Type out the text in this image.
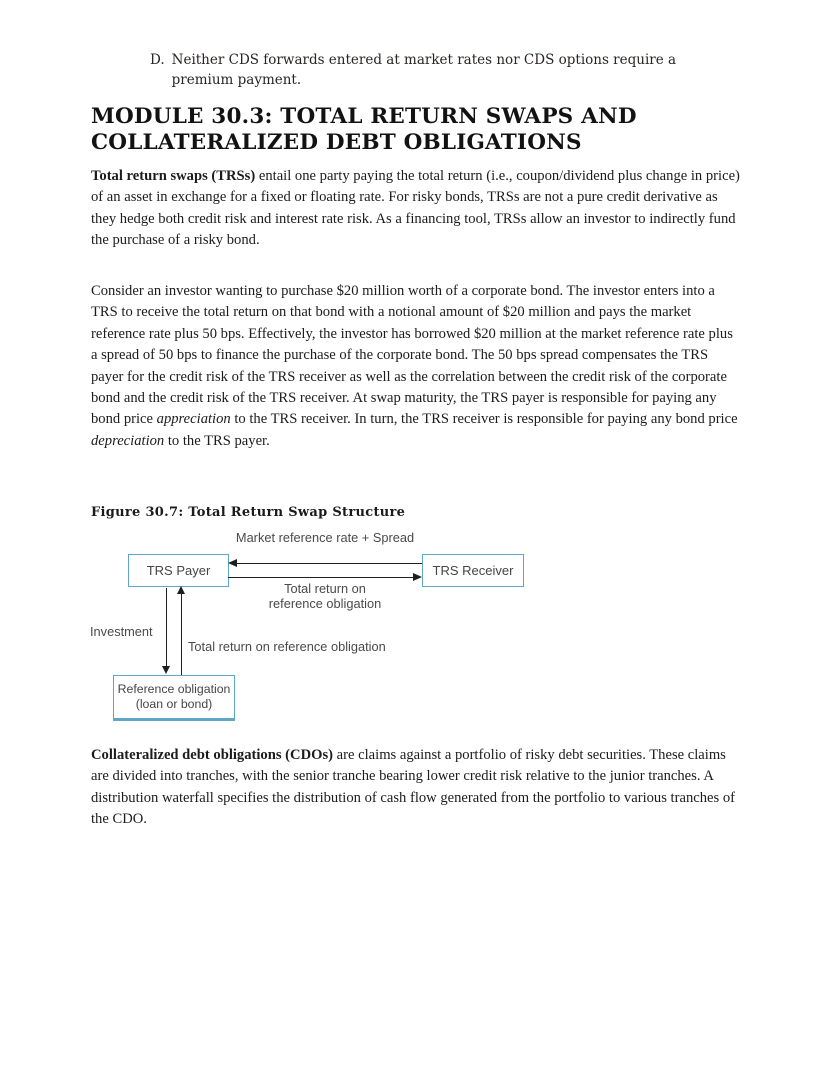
D. Neither CDS forwards entered at market rates nor CDS options require a premium payment.
MODULE 30.3: TOTAL RETURN SWAPS AND
COLLATERALIZED DEBT OBLIGATIONS

Total return swaps (TRSs) entail one party paying the total return (i.e., coupon/dividend plus change in price) of an asset in exchange for a fixed or floating rate. For risky bonds, TRSs are not a pure credit derivative as they hedge both credit risk and interest rate risk. As a financing tool, TRSs allow an investor to indirectly fund the purchase of a risky bond.

Consider an investor wanting to purchase $20 million worth of a corporate bond. The investor enters into a TRS to receive the total return on that bond with a notional amount of $20 million and pays the market reference rate plus 50 bps. Effectively, the investor has borrowed $20 million at the market reference rate plus a spread of 50 bps to finance the purchase of the corporate bond. The 50 bps spread compensates the TRS payer for the credit risk of the TRS receiver as well as the correlation between the credit risk of the corporate bond and the credit risk of the TRS receiver. At swap maturity, the TRS payer is responsible for paying any bond price appreciation to the TRS receiver. In turn, the TRS receiver is responsible for paying any bond price depreciation to the TRS payer.

Figure 30.7: Total Return Swap Structure

Market reference rate + Spread
TRS Payer	TRS Receiver
Total return on
reference obligation
Investment
Total return on reference obligation
Reference obligation
(loan or bond)

Collateralized debt obligations (CDOs) are claims against a portfolio of risky debt securities. These claims are divided into tranches, with the senior tranche bearing lower credit risk relative to the junior tranches. A distribution waterfall specifies the distribution of cash flow generated from the portfolio to various tranches of the CDO.
